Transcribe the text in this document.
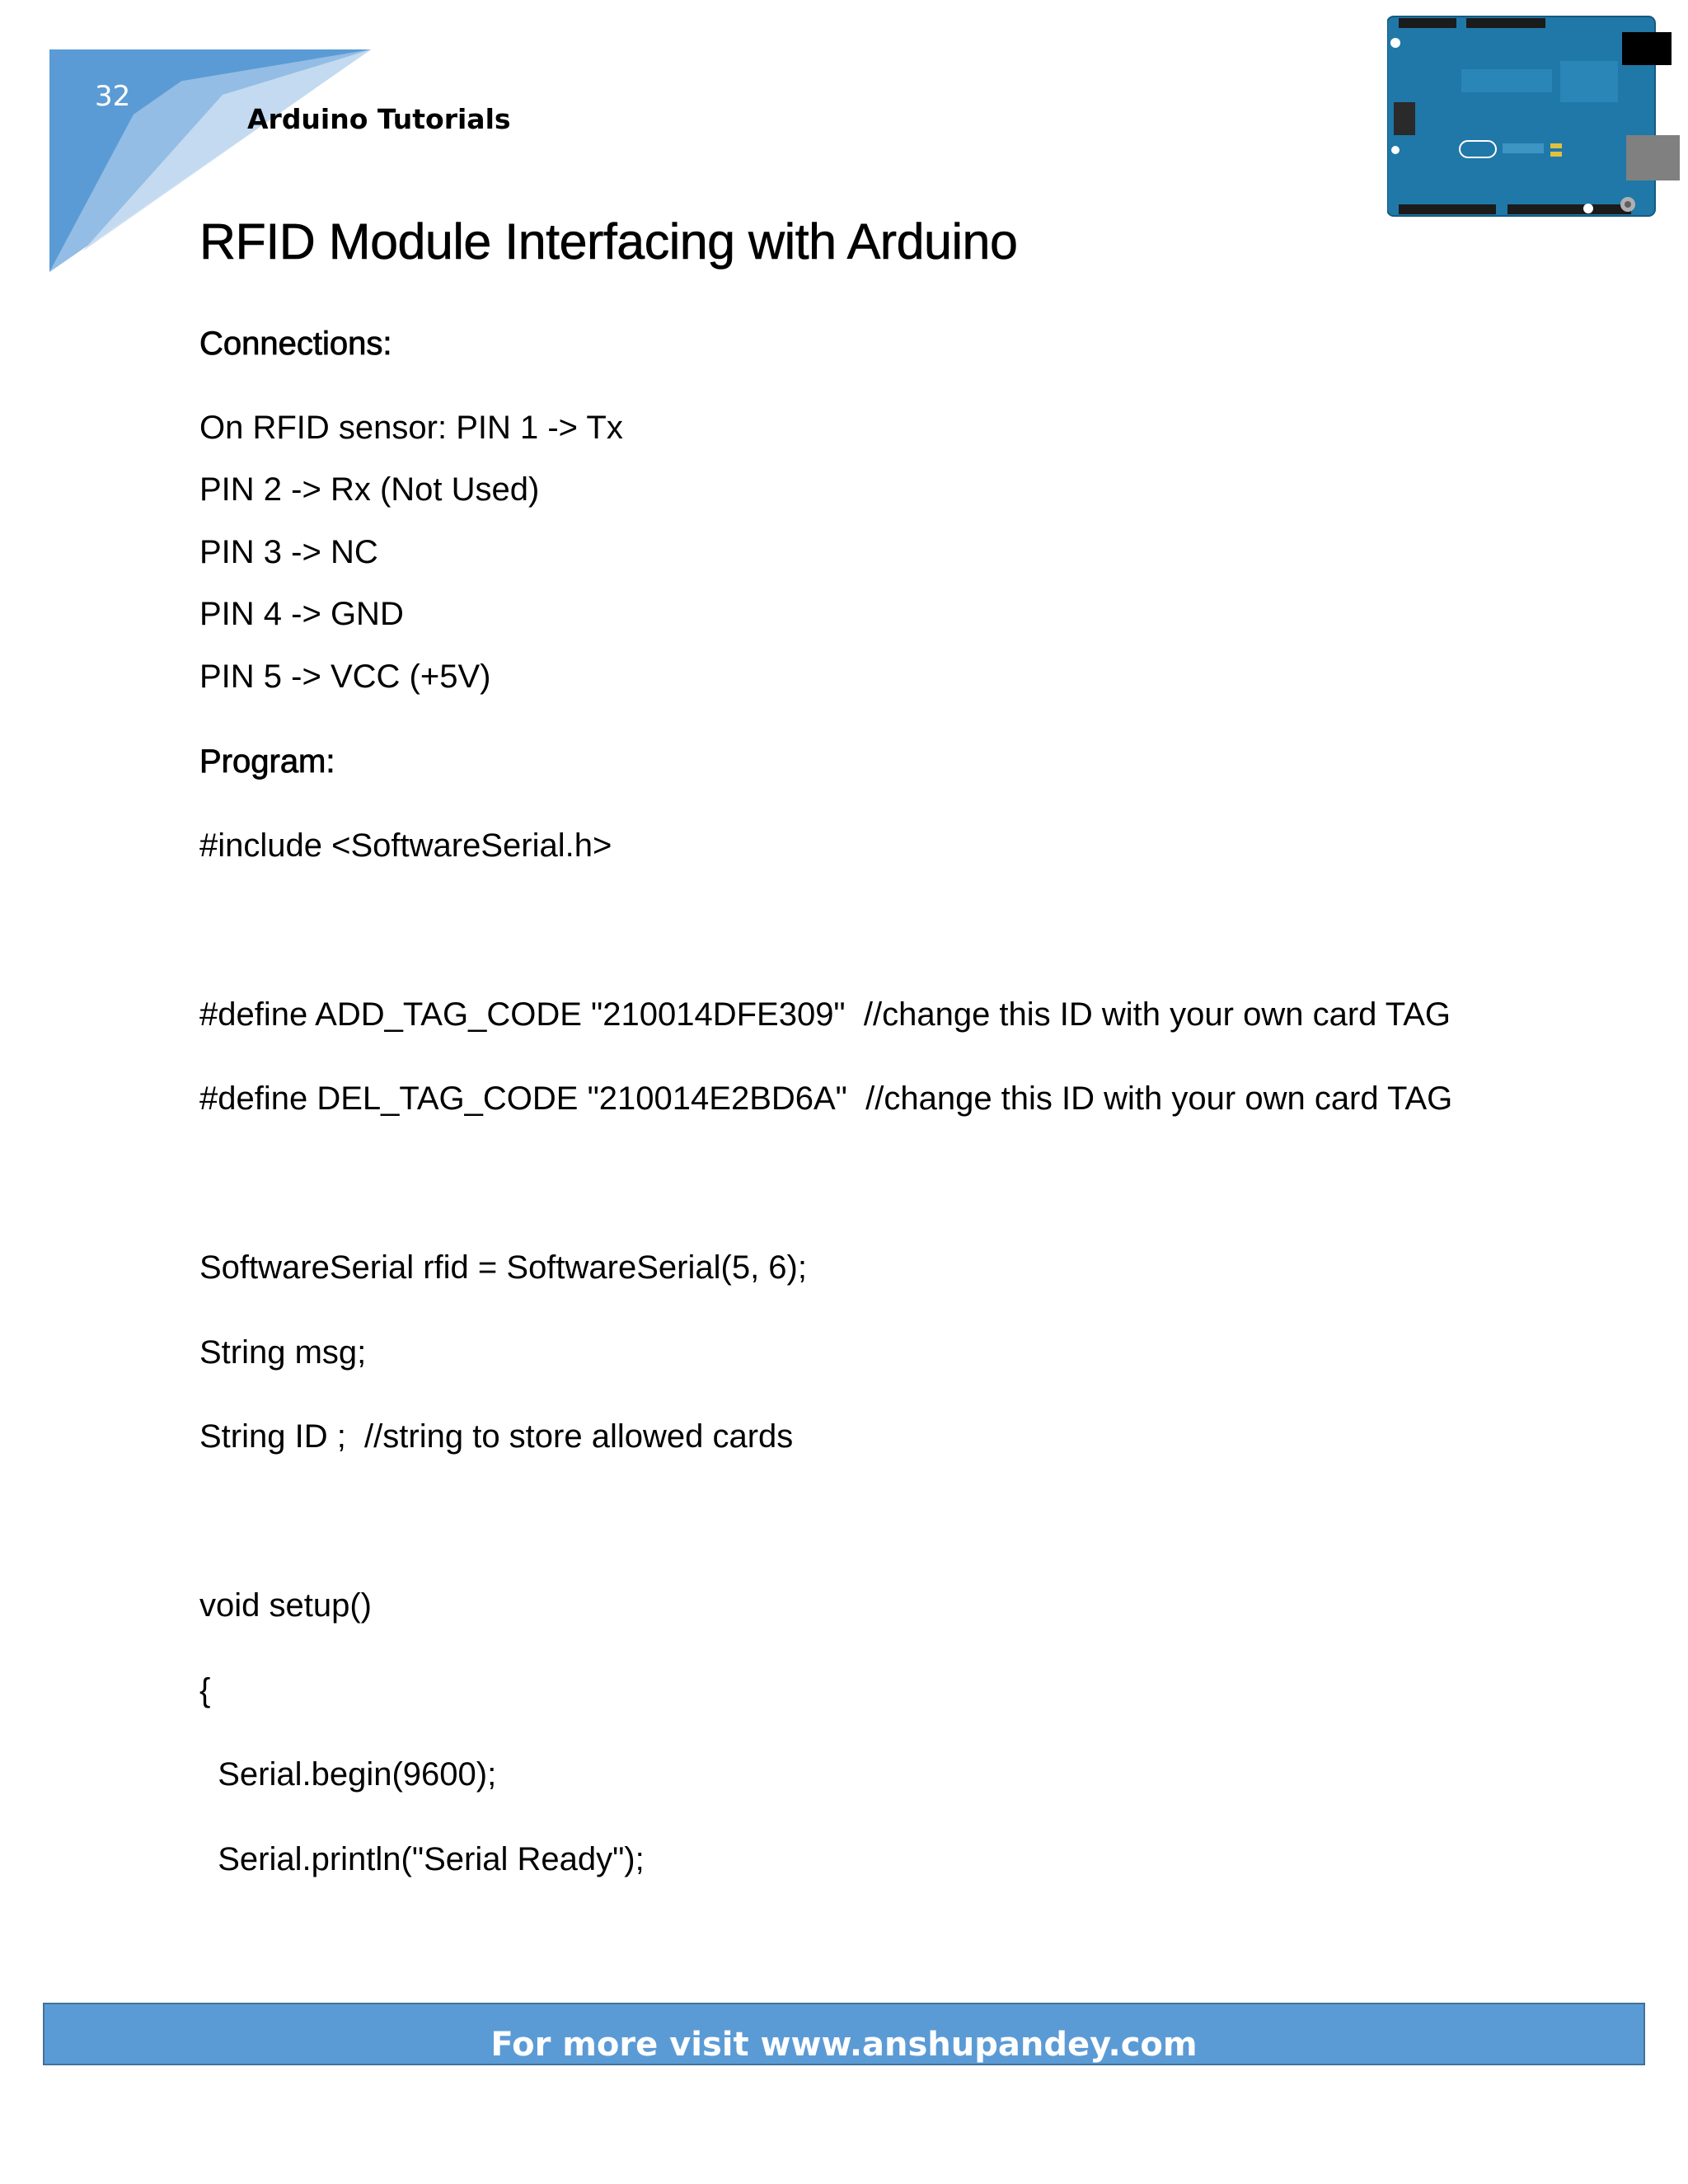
32
Arduino Tutorials
RFID Module Interfacing with Arduino
Connections:

On RFID sensor: PIN 1 -> Tx

PIN 2 -> Rx (Not Used)

PIN 3 -> NC

PIN 4 -> GND

PIN 5 -> VCC (+5V)

Program:

#include <SoftwareSerial.h>

#define ADD_TAG_CODE "210014DFE309"  //change this ID with your own card TAG

#define DEL_TAG_CODE "210014E2BD6A"  //change this ID with your own card TAG

SoftwareSerial rfid = SoftwareSerial(5, 6);

String msg;

String ID ;  //string to store allowed cards

void setup()

{

Serial.begin(9600);

Serial.println("Serial Ready");

For more visit www.anshupandey.com
